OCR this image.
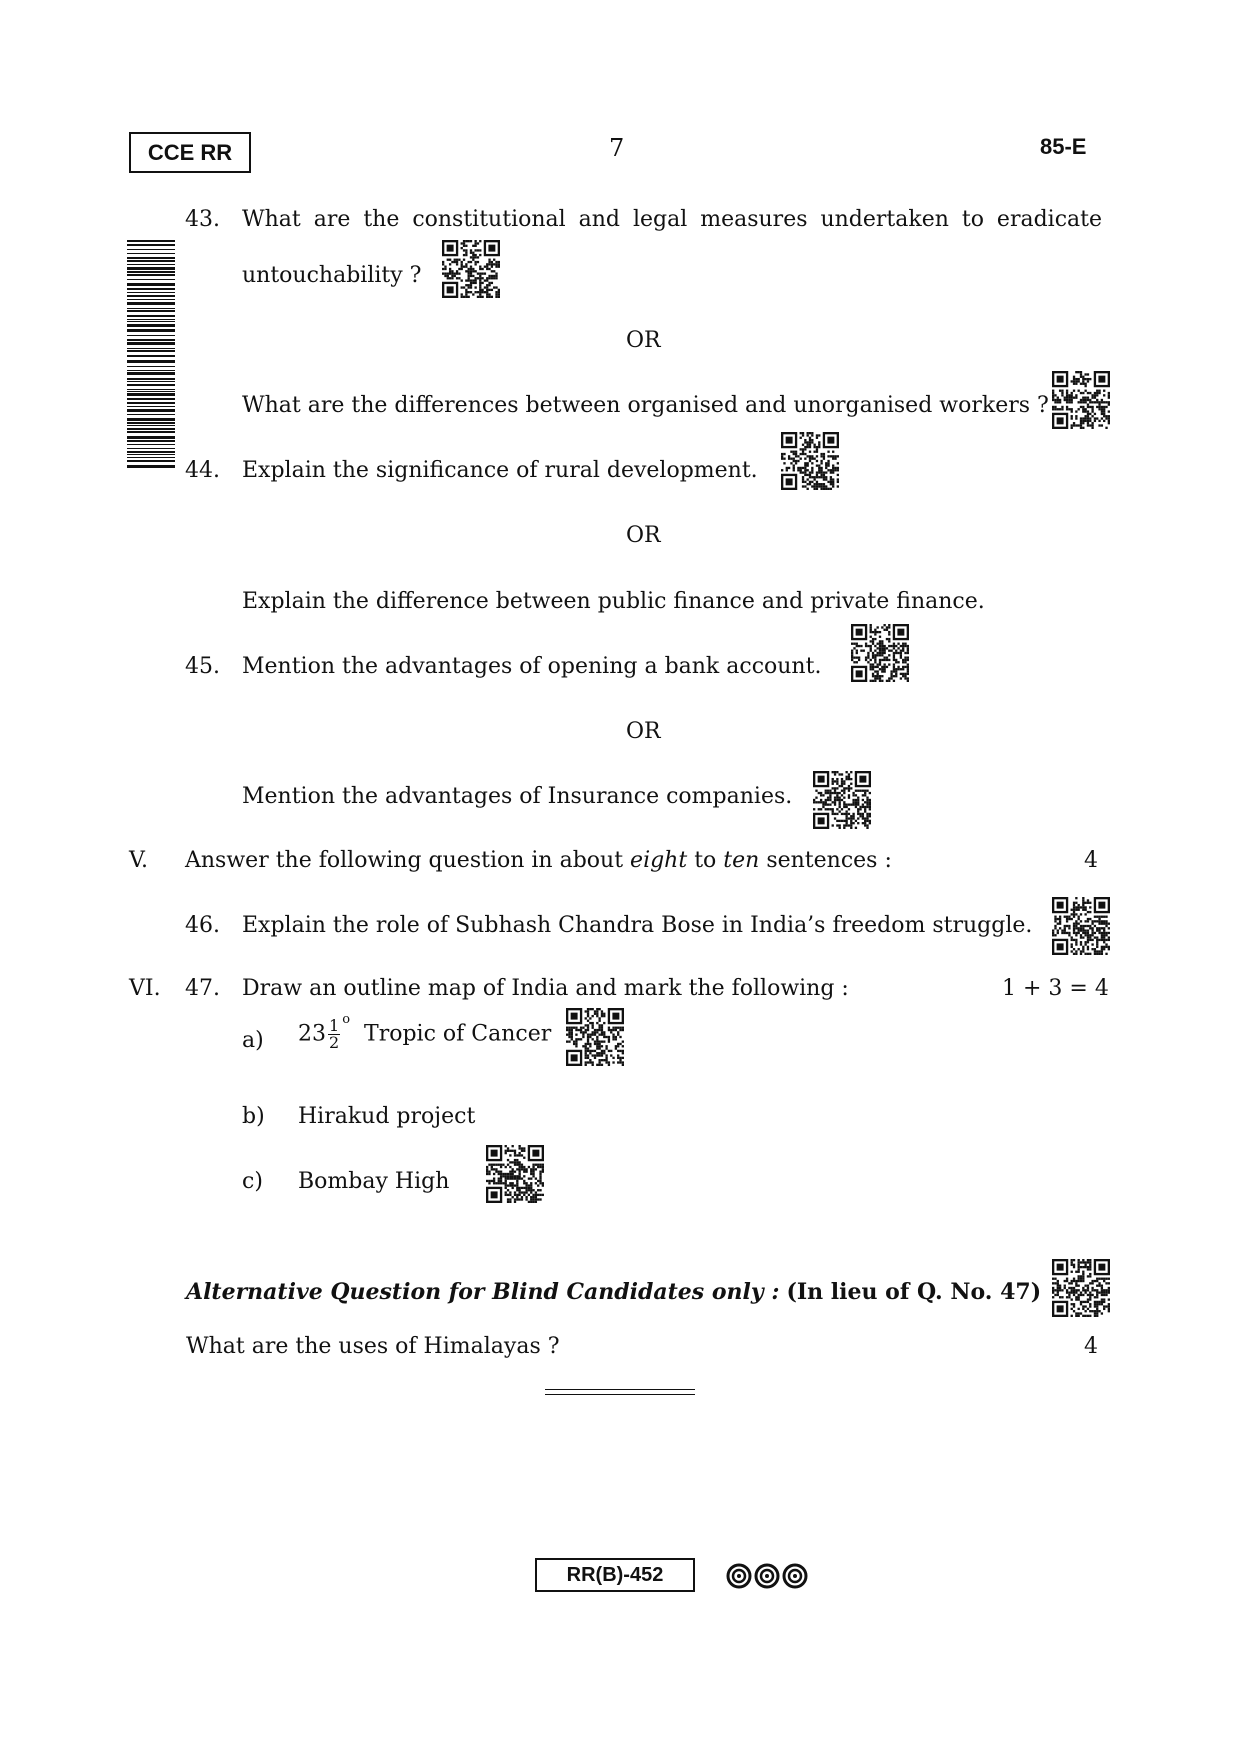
CCE RR	7	85-E
43. What are the constitutional and legal measures undertaken to eradicate
untouchability ?
OR
What are the differences between organised and unorganised workers ?
44. Explain the significance of rural development.
OR
Explain the difference between public finance and private finance.
45. Mention the advantages of opening a bank account.
OR
Mention the advantages of Insurance companies.
V. Answer the following question in about eight to ten sentences :	4
46. Explain the role of Subhash Chandra Bose in India’s freedom struggle.
VI. 47. Draw an outline map of India and mark the following :	1 + 3 = 4
a) $23 \frac{1}{2} ^o$  Tropic of Cancer
b) Hirakud project
c) Bombay High
Alternative Question for Blind Candidates only : (In lieu of Q. No. 47)
What are the uses of Himalayas ?	4
RR(B)-452
